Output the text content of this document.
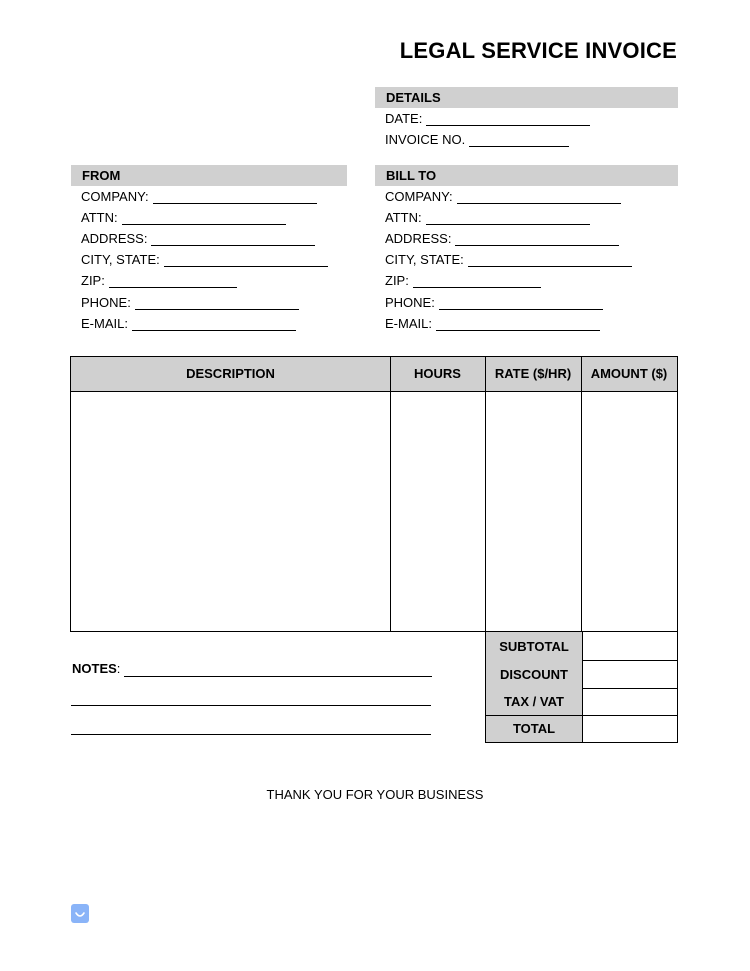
LEGAL SERVICE INVOICE
DETAILS
DATE:
INVOICE NO.
FROM
COMPANY:
ATTN:
ADDRESS:
CITY, STATE:
ZIP:
PHONE:
E-MAIL:
BILL TO
COMPANY:
ATTN:
ADDRESS:
CITY, STATE:
ZIP:
PHONE:
E-MAIL:
DESCRIPTION	HOURS	RATE ($/HR)	AMOUNT ($)
SUBTOTAL
DISCOUNT
TAX / VAT
TOTAL
NOTES:
THANK YOU FOR YOUR BUSINESS
